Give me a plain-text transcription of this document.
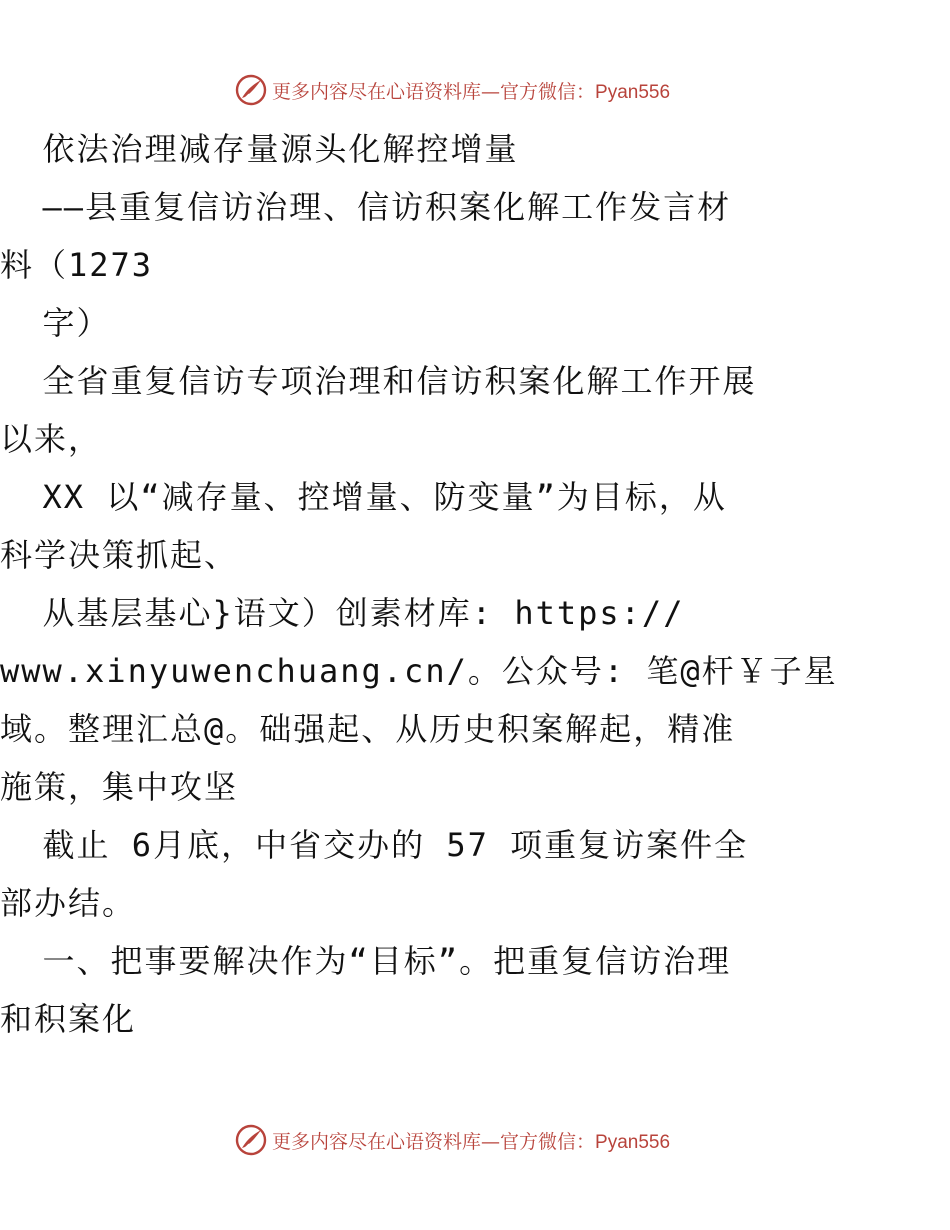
更多内容尽在心语资料库—官方微信：Pyan556
依法治理减存量源头化解控增量
——县重复信访治理、信访积案化解工作发言材
料（1273
字）
全省重复信访专项治理和信访积案化解工作开展
以来，
XX 以“减存量、控增量、防变量”为目标，从
科学决策抓起、
从基层基心}语文）创素材库: https://
www.xinyuwenchuang.cn/。公众号: 笔@杆￥子星
域。整理汇总@。础强起、从历史积案解起，精准
施策，集中攻坚
截止 6月底，中省交办的 57 项重复访案件全
部办结。
一、把事要解决作为“目标”。把重复信访治理
和积案化
更多内容尽在心语资料库—官方微信：Pyan556
